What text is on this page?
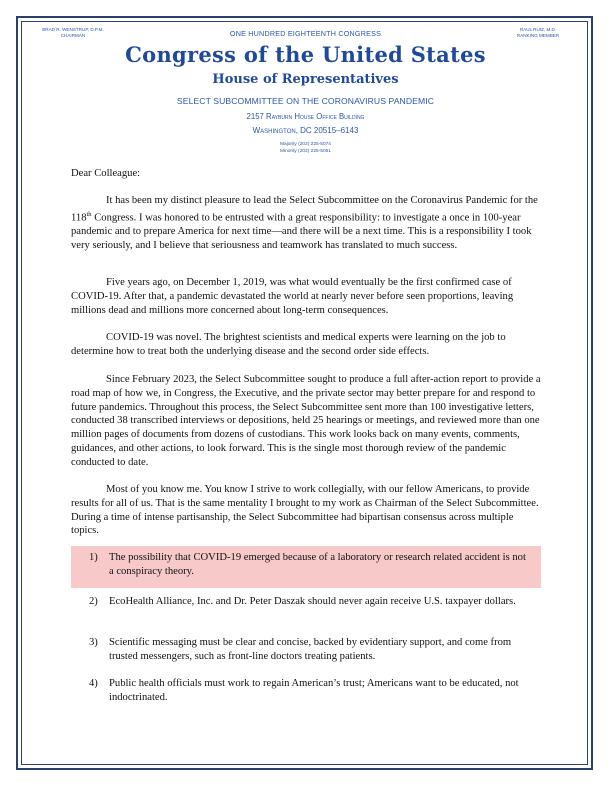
BRAD R. WENSTRUP, D.P.M.
CHAIRMAN
RAUL RUIZ, M.D.
RANKING MEMBER
ONE HUNDRED EIGHTEENTH CONGRESS
Congress of the United States
House of Representatives
SELECT SUBCOMMITTEE ON THE CORONAVIRUS PANDEMIC
2157 Rayburn House Office Building
Washington, DC 20515–6143
Majority (202) 225-5074
Minority (202) 225-5051
Dear Colleague:

It has been my distinct pleasure to lead the Select Subcommittee on the Coronavirus Pandemic for the 118th Congress. I was honored to be entrusted with a great responsibility: to investigate a once in 100-year pandemic and to prepare America for next time—and there will be a next time. This is a responsibility I took very seriously, and I believe that seriousness and teamwork has translated to much success.

Five years ago, on December 1, 2019, was what would eventually be the first confirmed case of COVID-19. After that, a pandemic devastated the world at nearly never before seen proportions, leaving millions dead and millions more concerned about long-term consequences.

COVID-19 was novel. The brightest scientists and medical experts were learning on the job to determine how to treat both the underlying disease and the second order side effects.

Since February 2023, the Select Subcommittee sought to produce a full after-action report to provide a road map of how we, in Congress, the Executive, and the private sector may better prepare for and respond to future pandemics. Throughout this process, the Select Subcommittee sent more than 100 investigative letters, conducted 38 transcribed interviews or depositions, held 25 hearings or meetings, and reviewed more than one million pages of documents from dozens of custodians. This work looks back on many events, comments, guidances, and other actions, to look forward. This is the single most thorough review of the pandemic conducted to date.

Most of you know me. You know I strive to work collegially, with our fellow Americans, to provide results for all of us. That is the same mentality I brought to my work as Chairman of the Select Subcommittee. During a time of intense partisanship, the Select Subcommittee had bipartisan consensus across multiple topics.

1) The possibility that COVID-19 emerged because of a laboratory or research related accident is not a conspiracy theory.
2) EcoHealth Alliance, Inc. and Dr. Peter Daszak should never again receive U.S. taxpayer dollars.
3) Scientific messaging must be clear and concise, backed by evidentiary support, and come from trusted messengers, such as front-line doctors treating patients.
4) Public health officials must work to regain American’s trust; Americans want to be educated, not indoctrinated.
